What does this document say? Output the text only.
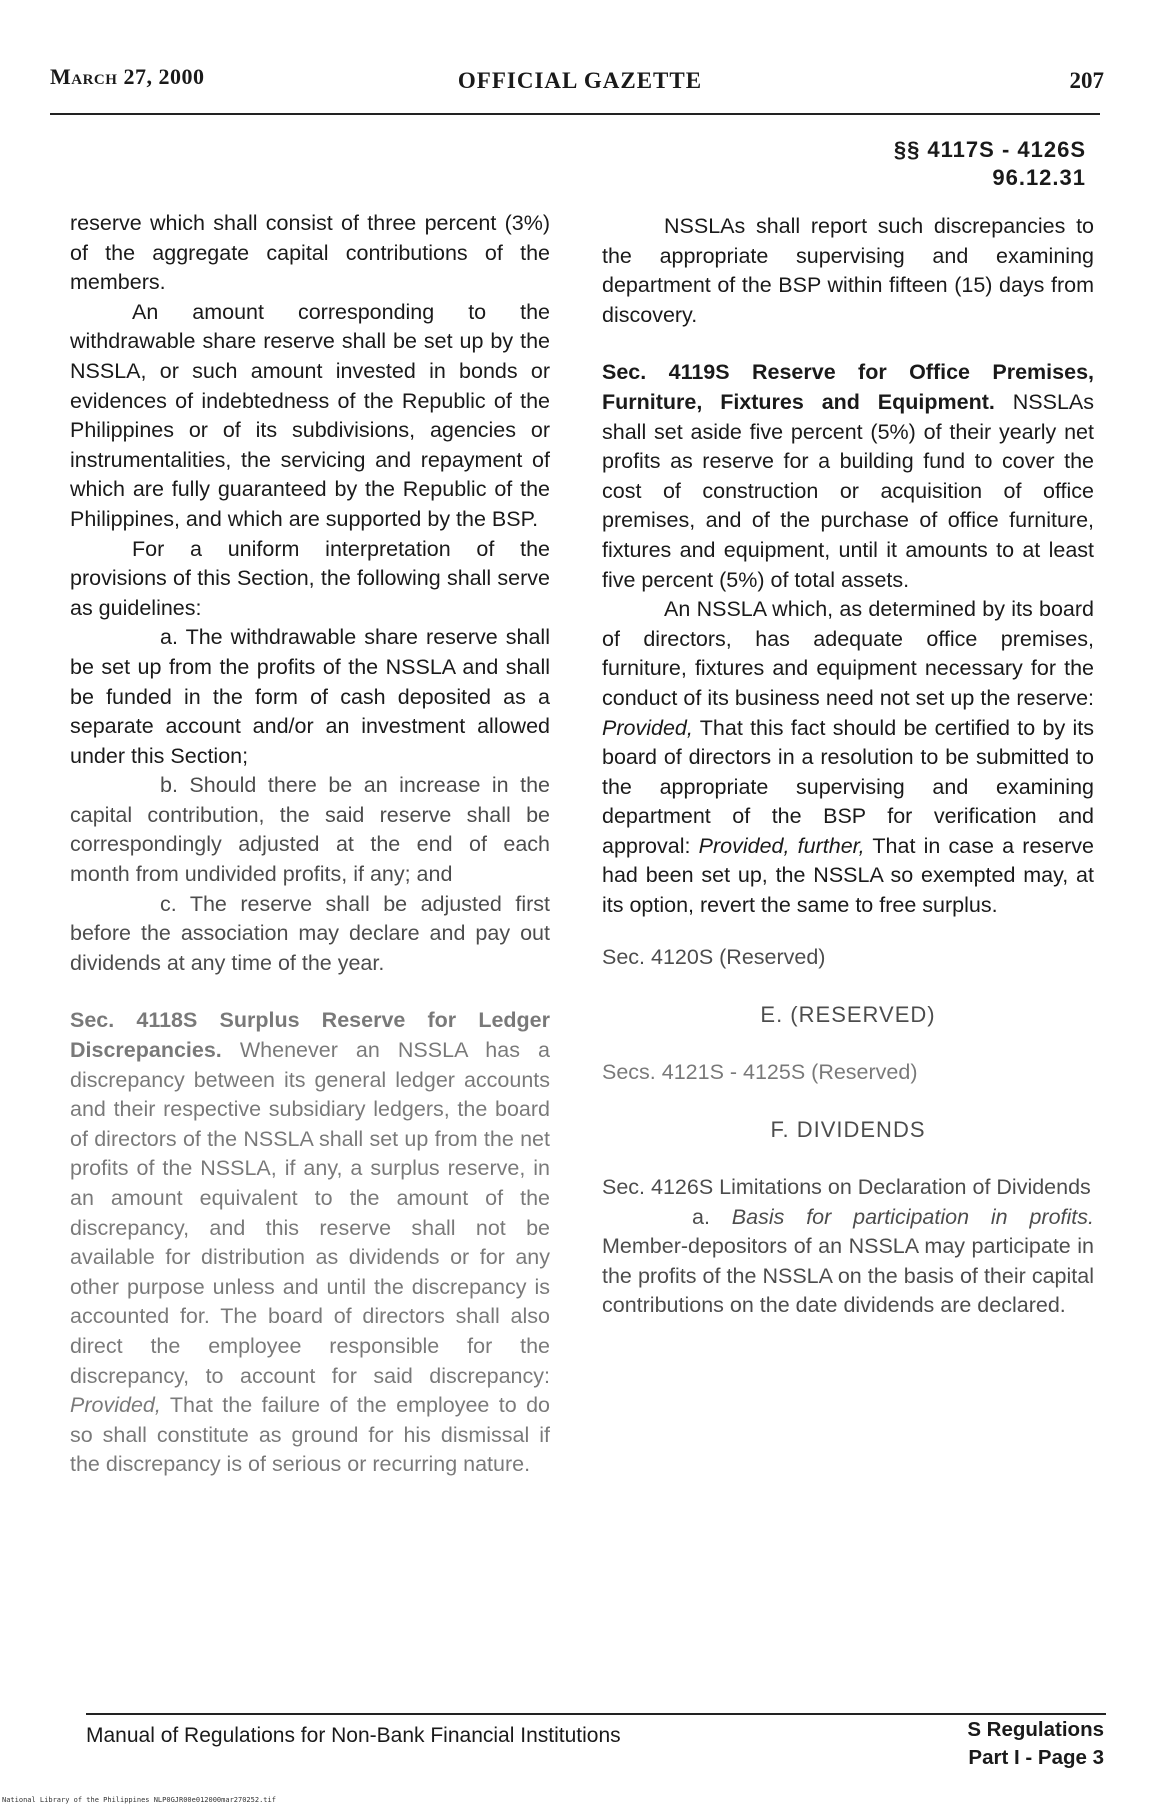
March 27, 2000	OFFICIAL GAZETTE	207
§§ 4117S - 4126S
96.12.31

reserve which shall consist of three percent (3%) of the aggregate capital contributions of the members.

An amount corresponding to the withdrawable share reserve shall be set up by the NSSLA, or such amount invested in bonds or evidences of indebtedness of the Republic of the Philippines or of its subdivisions, agencies or instrumentalities, the servicing and repayment of which are fully guaranteed by the Republic of the Philippines, and which are supported by the BSP.

For a uniform interpretation of the provisions of this Section, the following shall serve as guidelines:

a. The withdrawable share reserve shall be set up from the profits of the NSSLA and shall be funded in the form of cash deposited as a separate account and/or an investment allowed under this Section;

b. Should there be an increase in the capital contribution, the said reserve shall be correspondingly adjusted at the end of each month from undivided profits, if any; and

c. The reserve shall be adjusted first before the association may declare and pay out dividends at any time of the year.

Sec. 4118S Surplus Reserve for Ledger Discrepancies. Whenever an NSSLA has a discrepancy between its general ledger accounts and their respective subsidiary ledgers, the board of directors of the NSSLA shall set up from the net profits of the NSSLA, if any, a surplus reserve, in an amount equivalent to the amount of the discrepancy, and this reserve shall not be available for distribution as dividends or for any other purpose unless and until the discrepancy is accounted for. The board of directors shall also direct the employee responsible for the discrepancy, to account for said discrepancy: Provided, That the failure of the employee to do so shall constitute as ground for his dismissal if the discrepancy is of serious or recurring nature.

NSSLAs shall report such discrepancies to the appropriate supervising and examining department of the BSP within fifteen (15) days from discovery.

Sec. 4119S Reserve for Office Premises, Furniture, Fixtures and Equipment. NSSLAs shall set aside five percent (5%) of their yearly net profits as reserve for a building fund to cover the cost of construction or acquisition of office premises, and of the purchase of office furniture, fixtures and equipment, until it amounts to at least five percent (5%) of total assets.

An NSSLA which, as determined by its board of directors, has adequate office premises, furniture, fixtures and equipment necessary for the conduct of its business need not set up the reserve: Provided, That this fact should be certified to by its board of directors in a resolution to be submitted to the appropriate supervising and examining department of the BSP for verification and approval: Provided, further, That in case a reserve had been set up, the NSSLA so exempted may, at its option, revert the same to free surplus.

Sec. 4120S (Reserved)

E. (RESERVED)

Secs. 4121S - 4125S (Reserved)

F. DIVIDENDS

Sec. 4126S Limitations on Declaration of Dividends

a. Basis for participation in profits. Member-depositors of an NSSLA may participate in the profits of the NSSLA on the basis of their capital contributions on the date dividends are declared.

Manual of Regulations for Non-Bank Financial Institutions	S Regulations
Part I - Page 3
National Library of the Philippines NLP0GJR00e012000mar270252.tif
